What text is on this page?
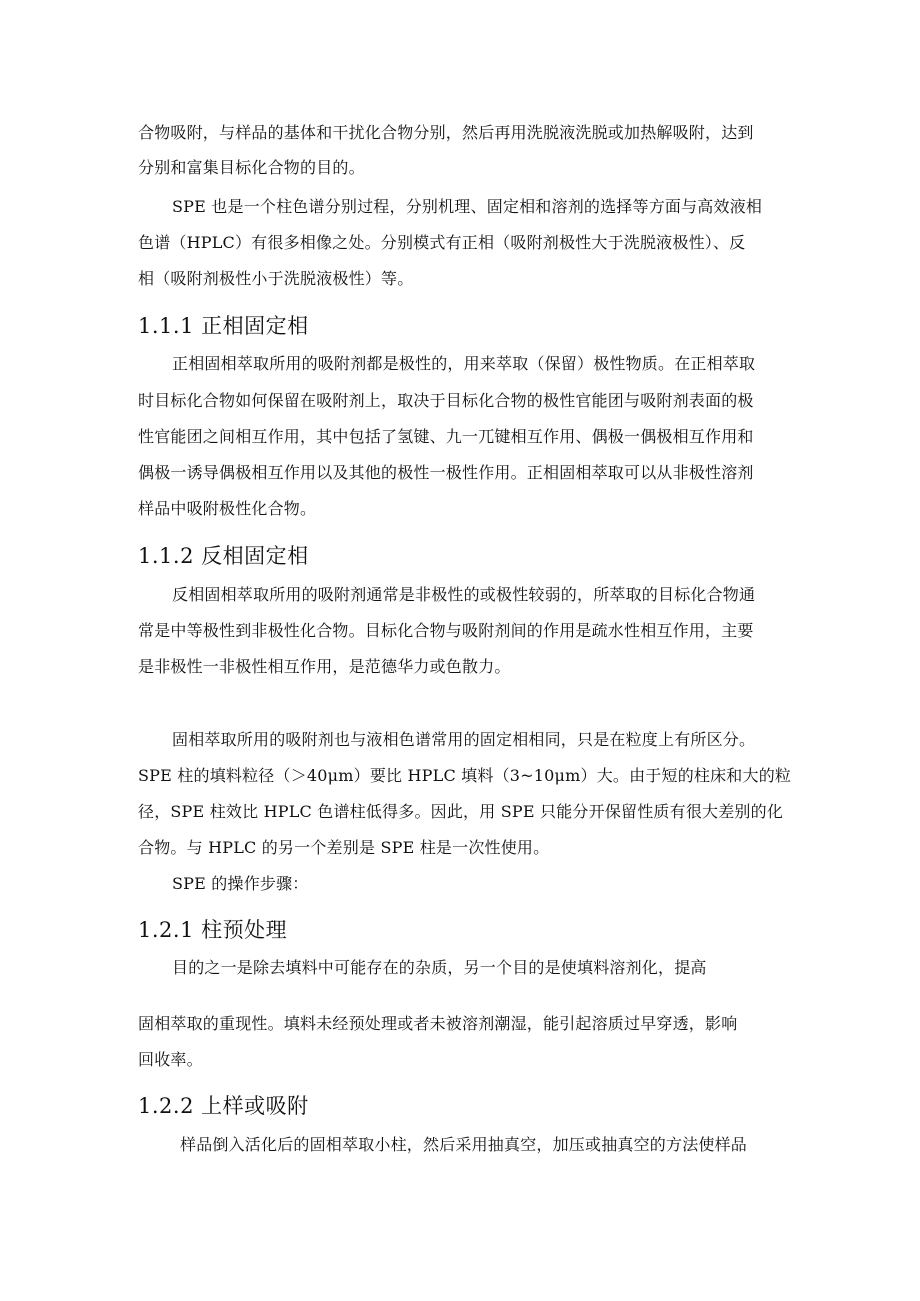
合物吸附，与样品的基体和干扰化合物分别，然后再用洗脱液洗脱或加热解吸附，达到
分别和富集目标化合物的目的。
SPE 也是一个柱色谱分别过程，分别机理、固定相和溶剂的选择等方面与高效液相
色谱（HPLC）有很多相像之处。分别模式有正相（吸附剂极性大于洗脱液极性）、反
相（吸附剂极性小于洗脱液极性）等。
1.1.1 正相固定相
正相固相萃取所用的吸附剂都是极性的，用来萃取（保留）极性物质。在正相萃取
时目标化合物如何保留在吸附剂上，取决于目标化合物的极性官能团与吸附剂表面的极
性官能团之间相互作用，其中包括了氢键、九一兀键相互作用、偶极一偶极相互作用和
偶极一诱导偶极相互作用以及其他的极性一极性作用。正相固相萃取可以从非极性溶剂
样品中吸附极性化合物。
1.1.2 反相固定相
反相固相萃取所用的吸附剂通常是非极性的或极性较弱的，所萃取的目标化合物通
常是中等极性到非极性化合物。目标化合物与吸附剂间的作用是疏水性相互作用，主要
是非极性一非极性相互作用，是范德华力或色散力。
固相萃取所用的吸附剂也与液相色谱常用的固定相相同，只是在粒度上有所区分。
SPE 柱的填料粒径（＞40μm）要比 HPLC 填料（3~10μm）大。由于短的柱床和大的粒
径，SPE 柱效比 HPLC 色谱柱低得多。因此，用 SPE 只能分开保留性质有很大差别的化
合物。与 HPLC 的另一个差别是 SPE 柱是一次性使用。
SPE 的操作步骤：
1.2.1 柱预处理
目的之一是除去填料中可能存在的杂质，另一个目的是使填料溶剂化，提高
固相萃取的重现性。填料未经预处理或者未被溶剂潮湿，能引起溶质过早穿透，影响
回收率。
1.2.2 上样或吸附
样品倒入活化后的固相萃取小柱，然后采用抽真空，加压或抽真空的方法使样品
